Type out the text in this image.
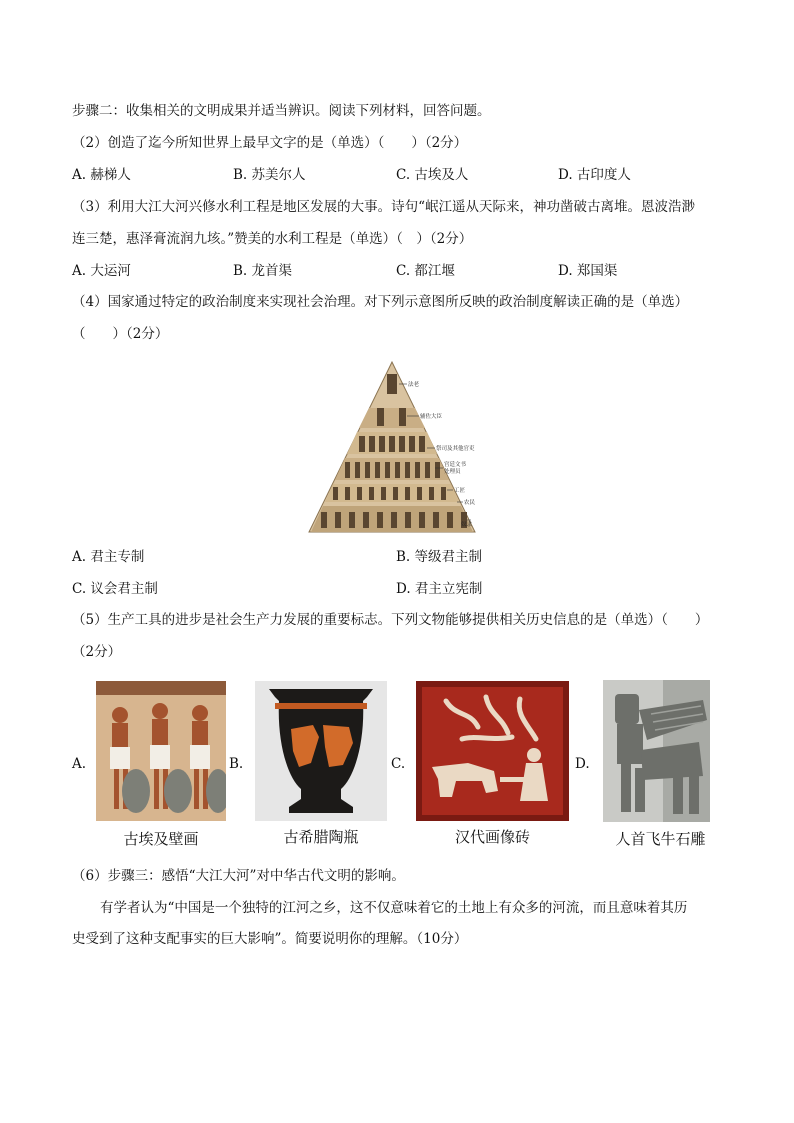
步骤二：收集相关的文明成果并适当辨识。阅读下列材料，回答问题。
（2）创造了迄今所知世界上最早文字的是（单选）（　　）（2分）
A. 赫梯人	B. 苏美尔人	C. 古埃及人	D. 古印度人
（3）利用大江大河兴修水利工程是地区发展的大事。诗句“岷江遥从天际来，神功凿破古离堆。恩波浩渺
连三楚，惠泽膏流润九垓。”赞美的水利工程是（单选）（　）（2分）
A. 大运河	B. 龙首渠	C. 都江堰	D. 郑国渠
（4）国家通过特定的政治制度来实现社会治理。对下列示意图所反映的政治制度解读正确的是（单选）
（　　）（2分）
法老
辅佐大臣
祭司及其他官吏
宫廷文书
处理员
工匠
农民
奴隶
A. 君主专制	B. 等级君主制
C. 议会君主制	D. 君主立宪制
（5）生产工具的进步是社会生产力发展的重要标志。下列文物能够提供相关历史信息的是（单选）（　　）
（2分）
A.	B.	C.	D.
古埃及壁画	古希腊陶瓶	汉代画像砖	人首飞牛石雕
（6）步骤三：感悟“大江大河”对中华古代文明的影响。
有学者认为“中国是一个独特的江河之乡，这不仅意味着它的土地上有众多的河流，而且意味着其历
史受到了这种支配事实的巨大影响”。简要说明你的理解。（10分）
